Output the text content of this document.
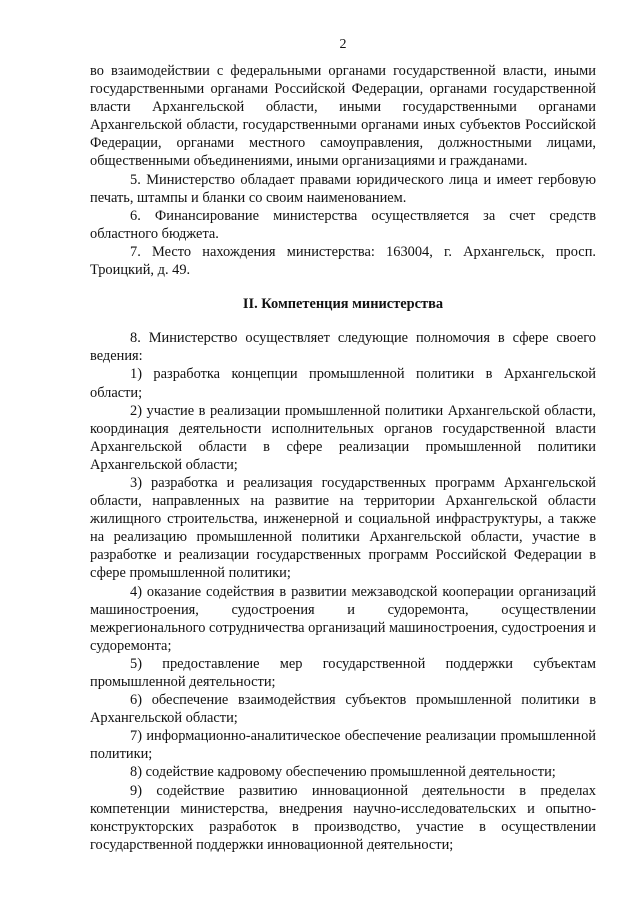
2

во взаимодействии с федеральными органами государственной власти, иными государственными органами Российской Федерации, органами государственной власти Архангельской области, иными государственными органами Архангельской области, государственными органами иных субъектов Российской Федерации, органами местного самоуправления, должностными лицами, общественными объединениями, иными организациями и гражданами.

5. Министерство обладает правами юридического лица и имеет гербовую печать, штампы и бланки со своим наименованием.

6. Финансирование министерства осуществляется за счет средств областного бюджета.

7. Место нахождения министерства: 163004, г. Архангельск, просп. Троицкий, д. 49.

II. Компетенция министерства

8. Министерство осуществляет следующие полномочия в сфере своего ведения:

1) разработка концепции промышленной политики в Архангельской области;

2) участие в реализации промышленной политики Архангельской области, координация деятельности исполнительных органов государственной власти Архангельской области в сфере реализации промышленной политики Архангельской области;

3) разработка и реализация государственных программ Архангельской области, направленных на развитие на территории Архангельской области жилищного строительства, инженерной и социальной инфраструктуры, а также на реализацию промышленной политики Архангельской области, участие в разработке и реализации государственных программ Российской Федерации в сфере промышленной политики;

4) оказание содействия в развитии межзаводской кооперации организаций машиностроения, судостроения и судоремонта, осуществлении межрегионального сотрудничества организаций машиностроения, судостроения и судоремонта;

5) предоставление мер государственной поддержки субъектам промышленной деятельности;

6) обеспечение взаимодействия субъектов промышленной политики в Архангельской области;

7) информационно-аналитическое обеспечение реализации промышленной политики;

8) содействие кадровому обеспечению промышленной деятельности;

9) содействие развитию инновационной деятельности в пределах компетенции министерства, внедрения научно-исследовательских и опытно-конструкторских разработок в производство, участие в осуществлении государственной поддержки инновационной деятельности;
